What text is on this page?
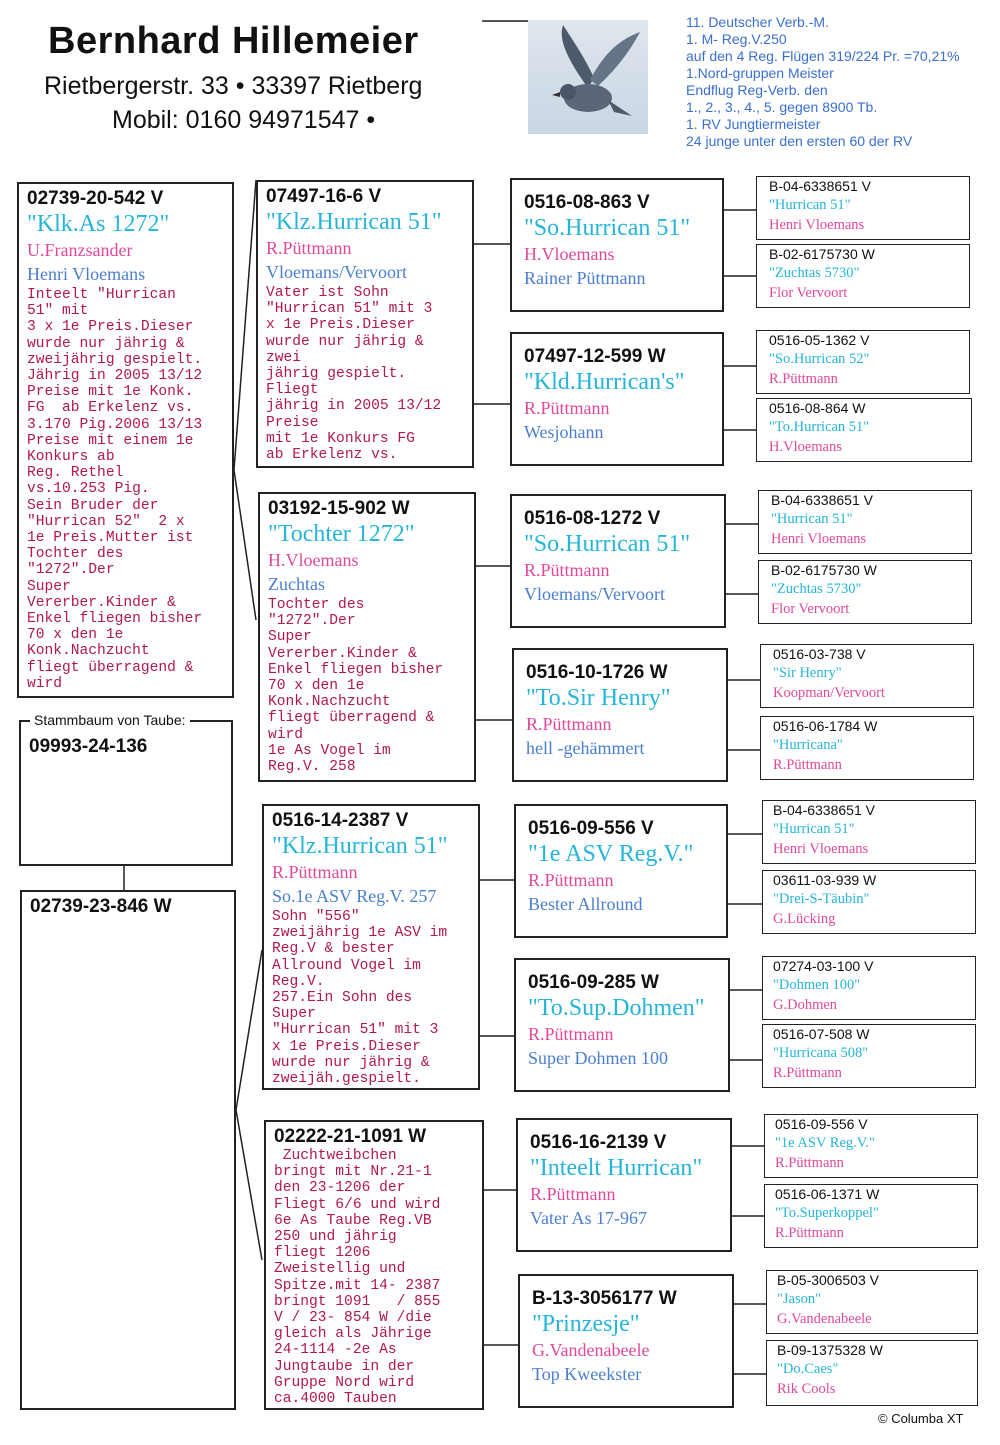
Bernhard Hillemeier
Rietbergerstr. 33 • 33397 Rietberg
Mobil: 0160 94971547 •
11. Deutscher Verb.-M.
1. M- Reg.V.250
auf den 4 Reg. Flügen 319/224 Pr. =70,21%
1.Nord-gruppen Meister
Endflug Reg-Verb. den
1., 2., 3., 4., 5. gegen 8900 Tb.
1. RV Jungtiermeister
24 junge unter den ersten 60 der RV
02739-20-542 V
"Klk.As 1272"
U.Franzsander
Henri Vloemans
Inteelt "Hurrican
51" mit
3 x 1e Preis.Dieser
wurde nur jährig &
zweijährig gespielt.
Jährig in 2005 13/12
Preise mit 1e Konk.
FG  ab Erkelenz vs.
3.170 Pig.2006 13/13
Preise mit einem 1e
Konkurs ab
Reg. Rethel
vs.10.253 Pig.
Sein Bruder der
"Hurrican 52"  2 x
1e Preis.Mutter ist
Tochter des
"1272".Der
Super
Vererber.Kinder &
Enkel fliegen bisher
70 x den 1e
Konk.Nachzucht
fliegt überragend &
wird
09993-24-136
Stammbaum von Taube:
02739-23-846 W
07497-16-6 V
"Klz.Hurrican 51"
R.Püttmann
Vloemans/Vervoort
Vater ist Sohn
"Hurrican 51" mit 3
x 1e Preis.Dieser
wurde nur jährig &
zwei
jährig gespielt.
Fliegt
jährig in 2005 13/12
Preise
mit 1e Konkurs FG
ab Erkelenz vs.
03192-15-902 W
"Tochter 1272"
H.Vloemans
Zuchtas
Tochter des
"1272".Der
Super
Vererber.Kinder &
Enkel fliegen bisher
70 x den 1e
Konk.Nachzucht
fliegt überragend &
wird
1e As Vogel im
Reg.V. 258
0516-14-2387 V
"Klz.Hurrican 51"
R.Püttmann
So.1e ASV Reg.V. 257
Sohn "556"
zweijährig 1e ASV im
Reg.V & bester
Allround Vogel im
Reg.V.
257.Ein Sohn des
Super
"Hurrican 51" mit 3
x 1e Preis.Dieser
wurde nur jährig &
zweijäh.gespielt.
02222-21-1091 W
Zuchtweibchen
bringt mit Nr.21-1
den 23-1206 der
Fliegt 6/6 und wird
6e As Taube Reg.VB
250 und jährig
fliegt 1206
Zweistellig und
Spitze.mit 14- 2387
bringt 1091   / 855
V / 23- 854 W /die
gleich als Jährige
24-1114 -2e As
Jungtaube in der
Gruppe Nord wird
ca.4000 Tauben
0516-08-863 V
"So.Hurrican 51"
H.Vloemans
Rainer Püttmann
07497-12-599 W
"Kld.Hurrican's"
R.Püttmann
Wesjohann
0516-08-1272 V
"So.Hurrican 51"
R.Püttmann
Vloemans/Vervoort
0516-10-1726 W
"To.Sir Henry"
R.Püttmann
hell -gehämmert
0516-09-556 V
"1e ASV Reg.V."
R.Püttmann
Bester Allround
0516-09-285 W
"To.Sup.Dohmen"
R.Püttmann
Super Dohmen 100
0516-16-2139 V
"Inteelt Hurrican"
R.Püttmann
Vater As 17-967
B-13-3056177 W
"Prinzesje"
G.Vandenabeele
Top Kweekster
B-04-6338651 V
"Hurrican 51"
Henri Vloemans
B-02-6175730 W
"Zuchtas 5730"
Flor Vervoort
0516-05-1362 V
"So.Hurrican 52"
R.Püttmann
0516-08-864 W
"To.Hurrican 51"
H.Vloemans
B-04-6338651 V
"Hurrican 51"
Henri Vloemans
B-02-6175730 W
"Zuchtas 5730"
Flor Vervoort
0516-03-738 V
"Sir Henry"
Koopman/Vervoort
0516-06-1784 W
"Hurricana"
R.Püttmann
B-04-6338651 V
"Hurrican 51"
Henri Vloemans
03611-03-939 W
"Drei-S-Täubin"
G.Lücking
07274-03-100 V
"Dohmen 100"
G.Dohmen
0516-07-508 W
"Hurricana 508"
R.Püttmann
0516-09-556 V
"1e ASV Reg.V."
R.Püttmann
0516-06-1371 W
"To.Superkoppel"
R.Püttmann
B-05-3006503 V
"Jason"
G.Vandenabeele
B-09-1375328 W
"Do.Caes"
Rik Cools
© Columba XT
